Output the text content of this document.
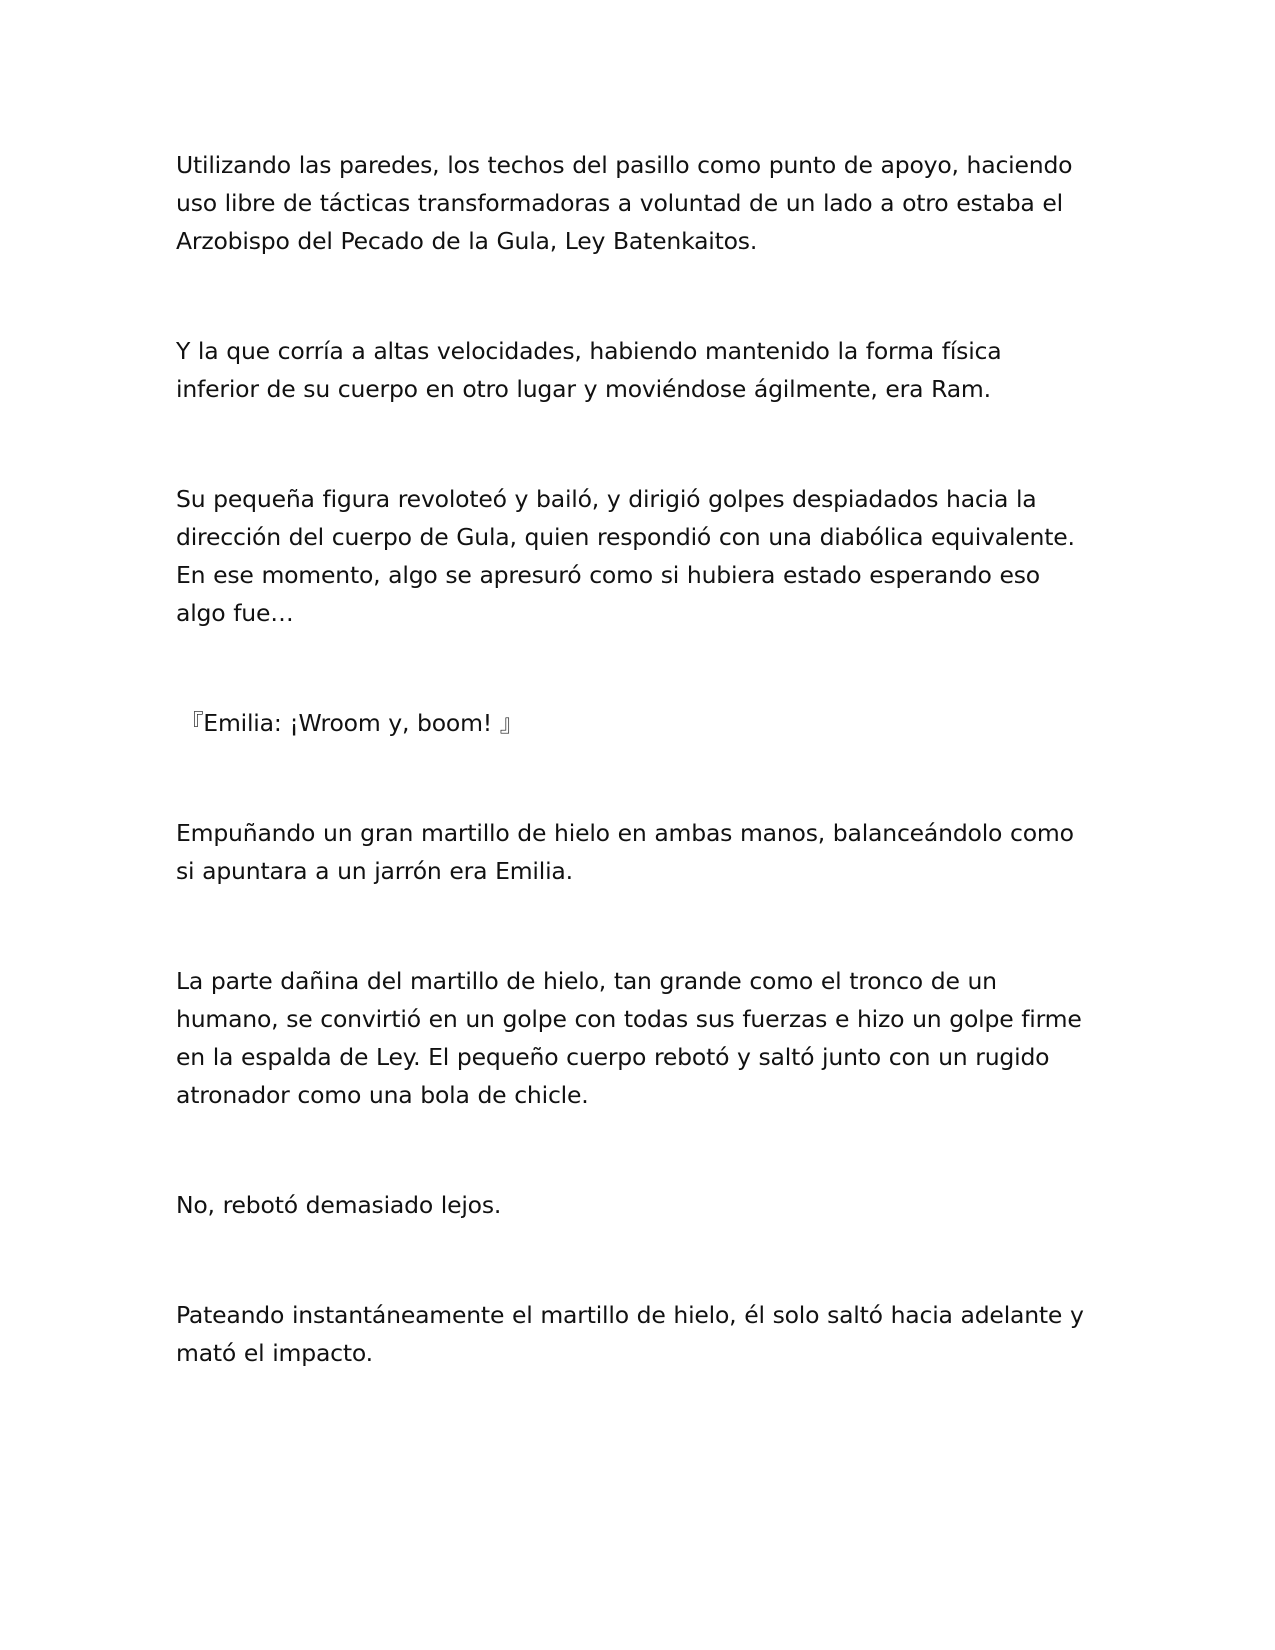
Utilizando las paredes, los techos del pasillo como punto de apoyo, haciendo
uso libre de tácticas transformadoras a voluntad de un lado a otro estaba el
Arzobispo del Pecado de la Gula, Ley Batenkaitos.

Y la que corría a altas velocidades, habiendo mantenido la forma física
inferior de su cuerpo en otro lugar y moviéndose ágilmente, era Ram.

Su pequeña figura revoloteó y bailó, y dirigió golpes despiadados hacia la
dirección del cuerpo de Gula, quien respondió con una diabólica equivalente.
En ese momento, algo se apresuró como si hubiera estado esperando eso
algo fue…

『Emilia: ¡Wroom y, boom! 』

Empuñando un gran martillo de hielo en ambas manos, balanceándolo como
si apuntara a un jarrón era Emilia.

La parte dañina del martillo de hielo, tan grande como el tronco de un
humano, se convirtió en un golpe con todas sus fuerzas e hizo un golpe firme
en la espalda de Ley. El pequeño cuerpo rebotó y saltó junto con un rugido
atronador como una bola de chicle.

No, rebotó demasiado lejos.

Pateando instantáneamente el martillo de hielo, él solo saltó hacia adelante y
mató el impacto.
